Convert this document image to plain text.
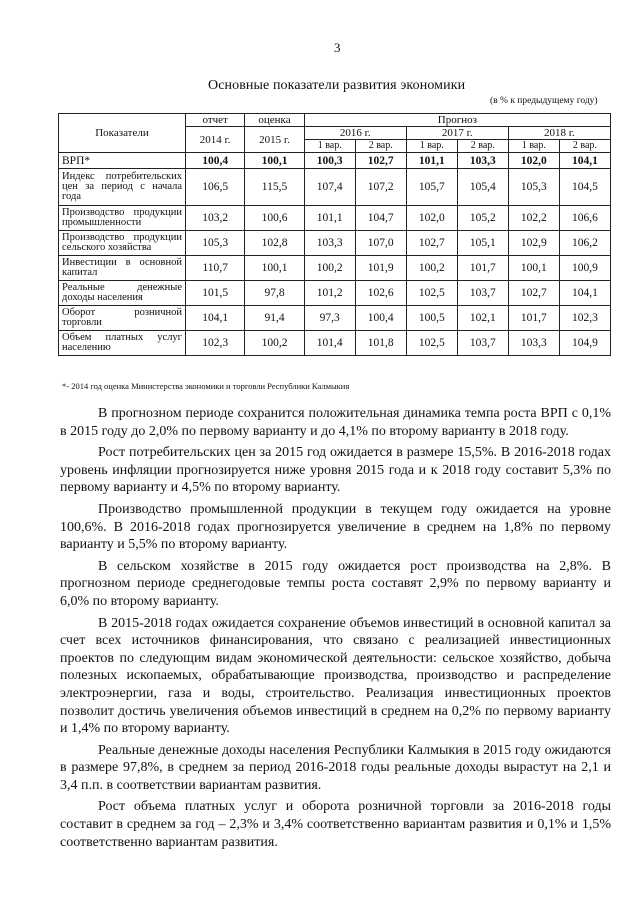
3
Основные показатели развития экономики
(в % к предыдущему году)
Показатели	отчет	оценка	Прогноз					
	2014 г.	2015 г.	2016 г.		2017 г.		2018 г.	
			1 вар.	2 вар.	1 вар.	2 вар.	1 вар.	2 вар.
ВРП*	100,4	100,1	100,3	102,7	101,1	103,3	102,0	104,1
Индекс потребительских цен за период с начала года	106,5	115,5	107,4	107,2	105,7	105,4	105,3	104,5
Производство продукции промышленности	103,2	100,6	101,1	104,7	102,0	105,2	102,2	106,6
Производство продукции сельского хозяйства	105,3	102,8	103,3	107,0	102,7	105,1	102,9	106,2
Инвестиции в основной капитал	110,7	100,1	100,2	101,9	100,2	101,7	100,1	100,9
Реальные денежные доходы населения	101,5	97,8	101,2	102,6	102,5	103,7	102,7	104,1
Оборот розничной торговли	104,1	91,4	97,3	100,4	100,5	102,1	101,7	102,3
Объем платных услуг населению	102,3	100,2	101,4	101,8	102,5	103,7	103,3	104,9
*- 2014 год оценка Министерства экономики и торговли Республики Калмыкия

В прогнозном периоде сохранится положительная динамика темпа роста ВРП с 0,1% в 2015 году до 2,0% по первому варианту и до 4,1% по второму варианту в 2018 году.

Рост потребительских цен за 2015 год ожидается в размере 15,5%. В 2016-2018 годах уровень инфляции прогнозируется ниже уровня 2015 года и к 2018 году составит 5,3% по первому варианту и 4,5% по второму варианту.

Производство промышленной продукции в текущем году ожидается на уровне 100,6%. В 2016-2018 годах прогнозируется увеличение в среднем на 1,8% по первому варианту и 5,5% по второму варианту.

В сельском хозяйстве в 2015 году ожидается рост производства на 2,8%. В прогнозном периоде среднегодовые темпы роста составят 2,9% по первому варианту и 6,0% по второму варианту.

В 2015-2018 годах ожидается сохранение объемов инвестиций в основной капитал за счет всех источников финансирования, что связано с реализацией инвестиционных проектов по следующим видам экономической деятельности: сельское хозяйство, добыча полезных ископаемых, обрабатывающие производства, производство и распределение электроэнергии, газа и воды, строительство. Реализация инвестиционных проектов позволит достичь увеличения объемов инвестиций в среднем на 0,2% по первому варианту и 1,4% по второму варианту.

Реальные денежные доходы населения Республики Калмыкия в 2015 году ожидаются в размере 97,8%, в среднем за период 2016-2018 годы реальные доходы вырастут на 2,1 и 3,4 п.п. в соответствии вариантам развития.

Рост объема платных услуг и оборота розничной торговли за 2016-2018 годы составит в среднем за год – 2,3% и 3,4% соответственно вариантам развития и 0,1% и 1,5% соответственно вариантам развития.
